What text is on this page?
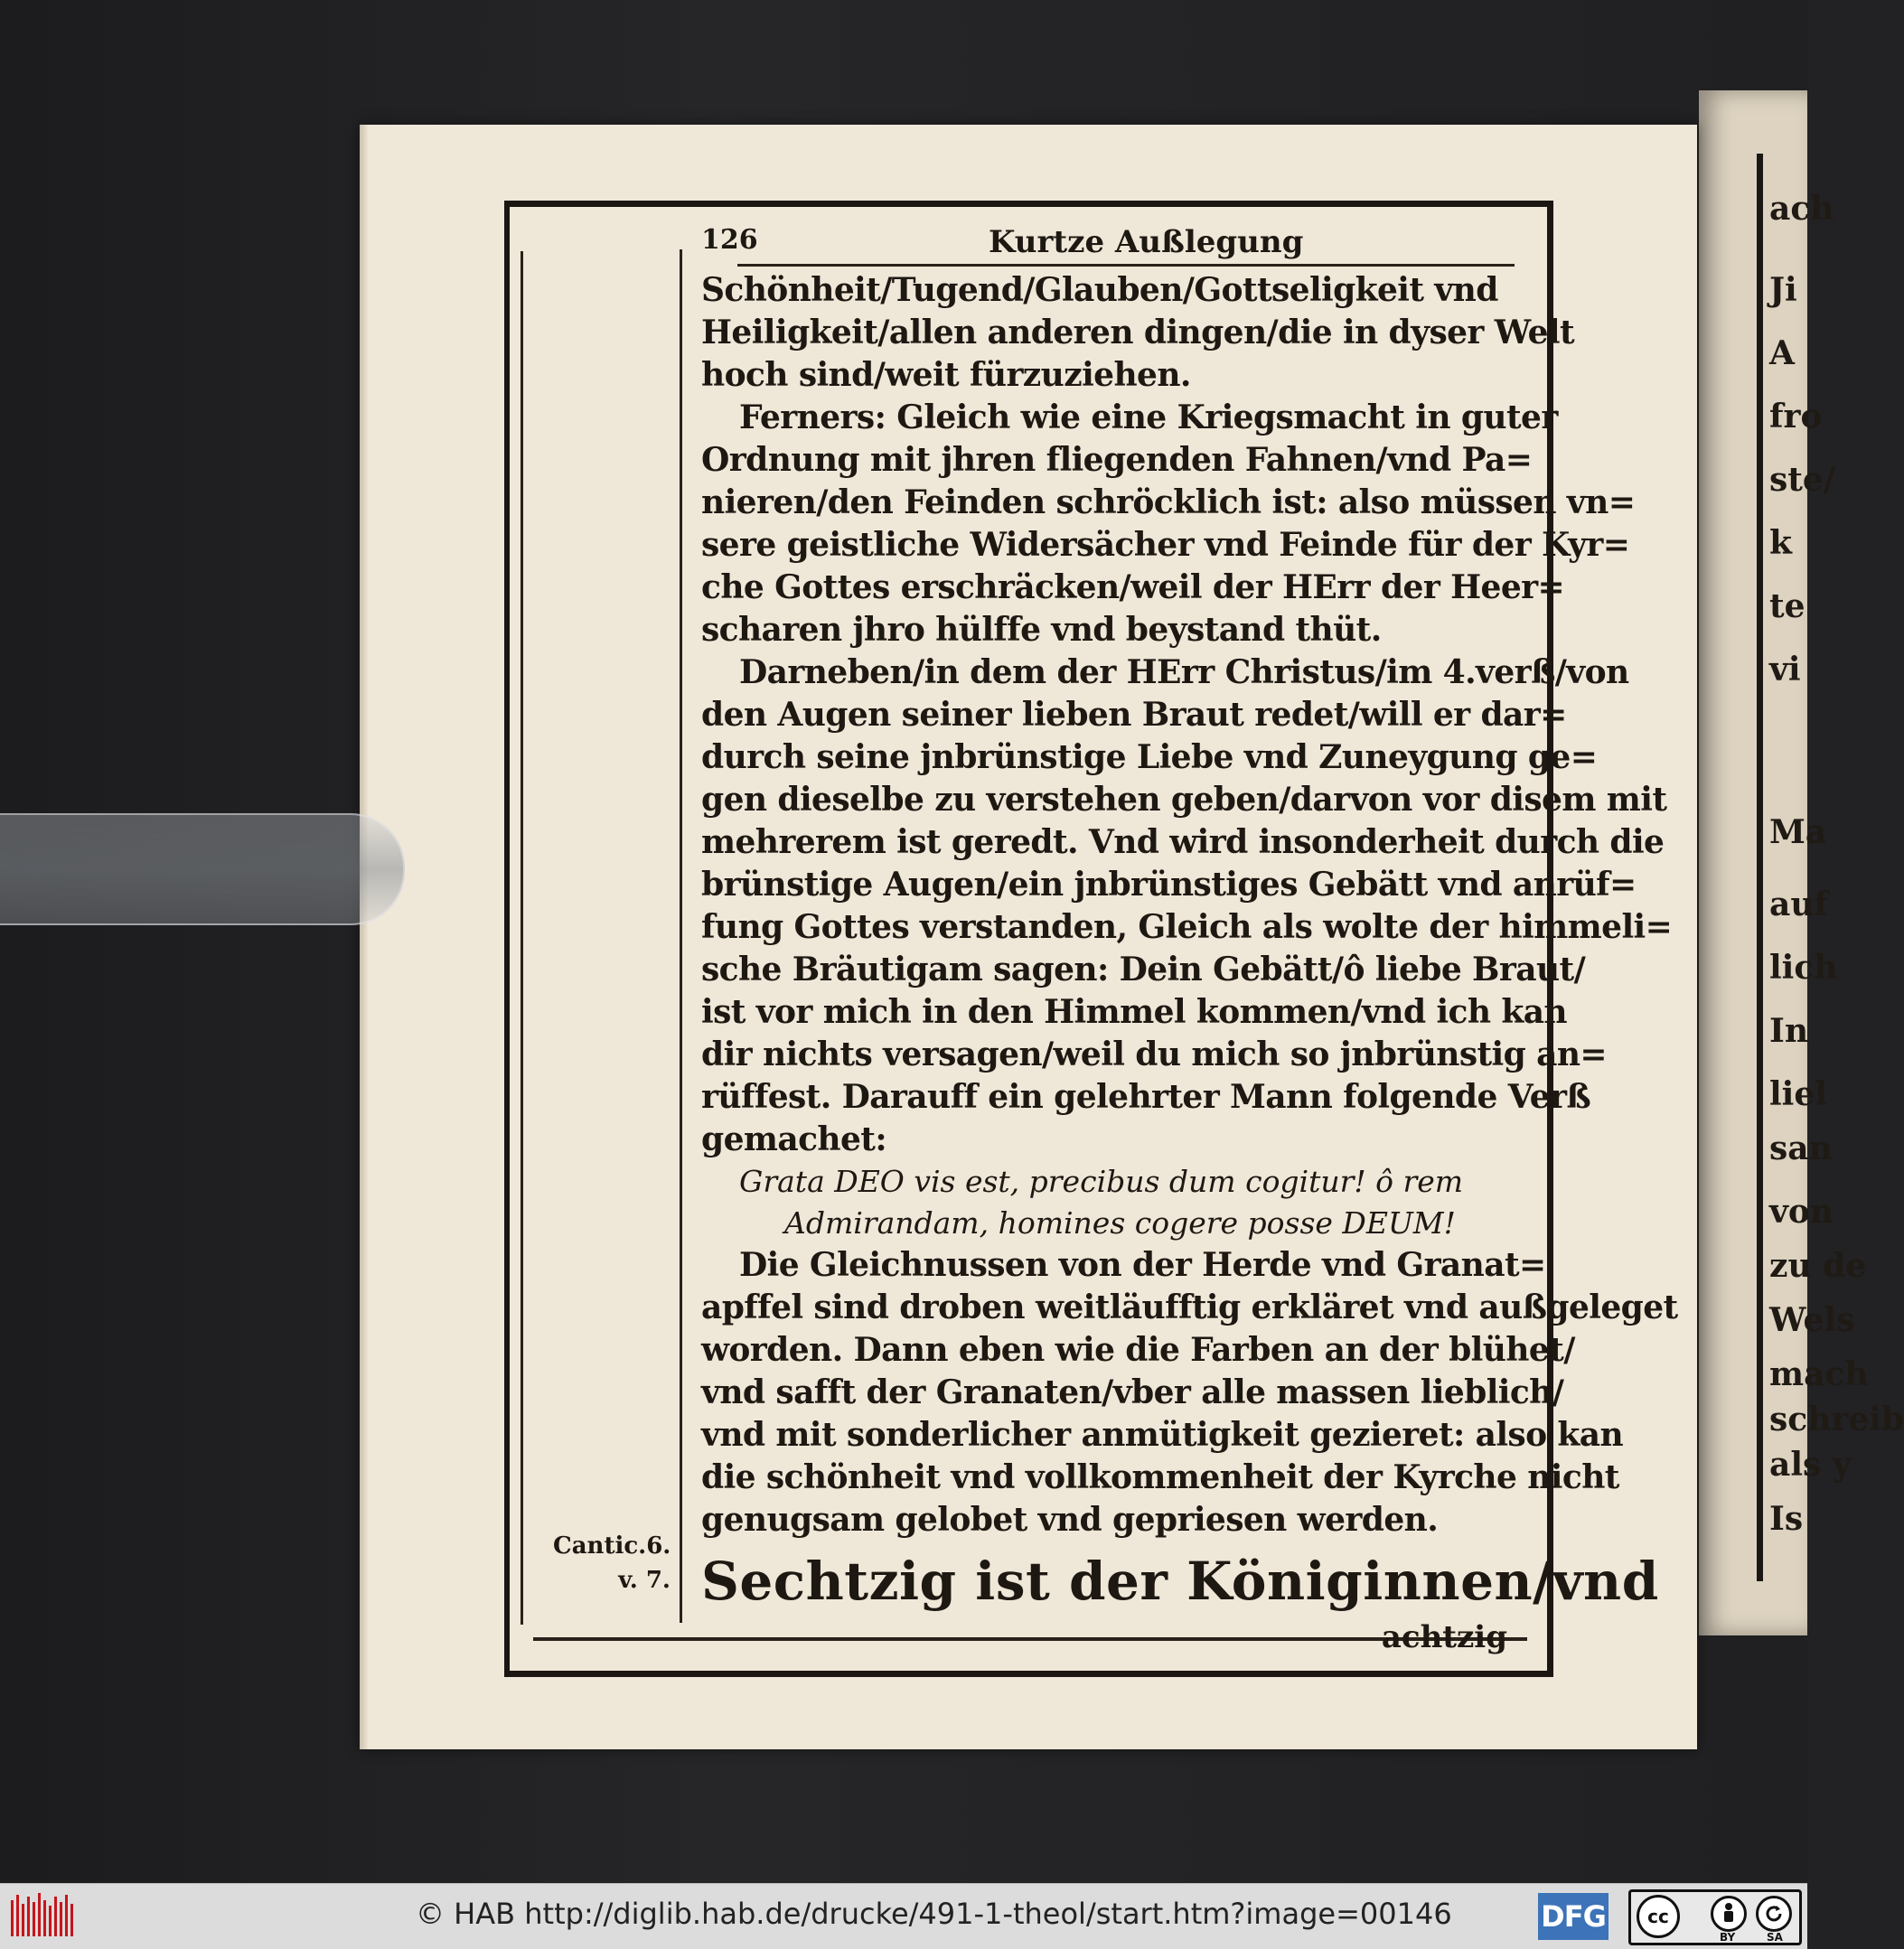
ach
Ji
A
fro
ste/
k
te
vi
Ma
auf
lich
In
liel
san
von
zu de
Wels
mach
schreib
als y
Is
126	Kurtze Außlegung
Schönheit/Tugend/Glauben/Gottseligkeit vnd
Heiligkeit/allen anderen dingen/die in dyser Welt
hoch sind/weit fürzuziehen.
Ferners: Gleich wie eine Kriegsmacht in guter
Ordnung mit jhren fliegenden Fahnen/vnd Pa=
nieren/den Feinden schröcklich ist: also müssen vn=
sere geistliche Widersächer vnd Feinde für der Kyr=
che Gottes erschräcken/weil der HErr der Heer=
scharen jhro hülffe vnd beystand thüt.
Darneben/in dem der HErr Christus/im 4.verß/von
den Augen seiner lieben Braut redet/will er dar=
durch seine jnbrünstige Liebe vnd Zuneygung ge=
gen dieselbe zu verstehen geben/darvon vor disem mit
mehrerem ist geredt. Vnd wird insonderheit durch die
brünstige Augen/ein jnbrünstiges Gebätt vnd anrüf=
fung Gottes verstanden, Gleich als wolte der himmeli=
sche Bräutigam sagen: Dein Gebätt/ô liebe Braut/
ist vor mich in den Himmel kommen/vnd ich kan
dir nichts versagen/weil du mich so jnbrünstig an=
rüffest. Darauff ein gelehrter Mann folgende Verß
gemachet:
Grata DEO vis est, precibus dum cogitur! ô rem
Admirandam, homines cogere posse DEUM!
Die Gleichnussen von der Herde vnd Granat=
apffel sind droben weitläufftig erkläret vnd außgeleget
worden. Dann eben wie die Farben an der blühet/
vnd safft der Granaten/vber alle massen lieblich/
vnd mit sonderlicher anmütigkeit gezieret: also kan
die schönheit vnd vollkommenheit der Kyrche nicht
genugsam gelobet vnd gepriesen werden.
Sechtzig ist der Königinnen/vnd
achtzig
Cantic.6.
v. 7.
© HAB http://diglib.hab.de/drucke/491-1-theol/start.htm?image=00146	DFG	cc
BY	SA
